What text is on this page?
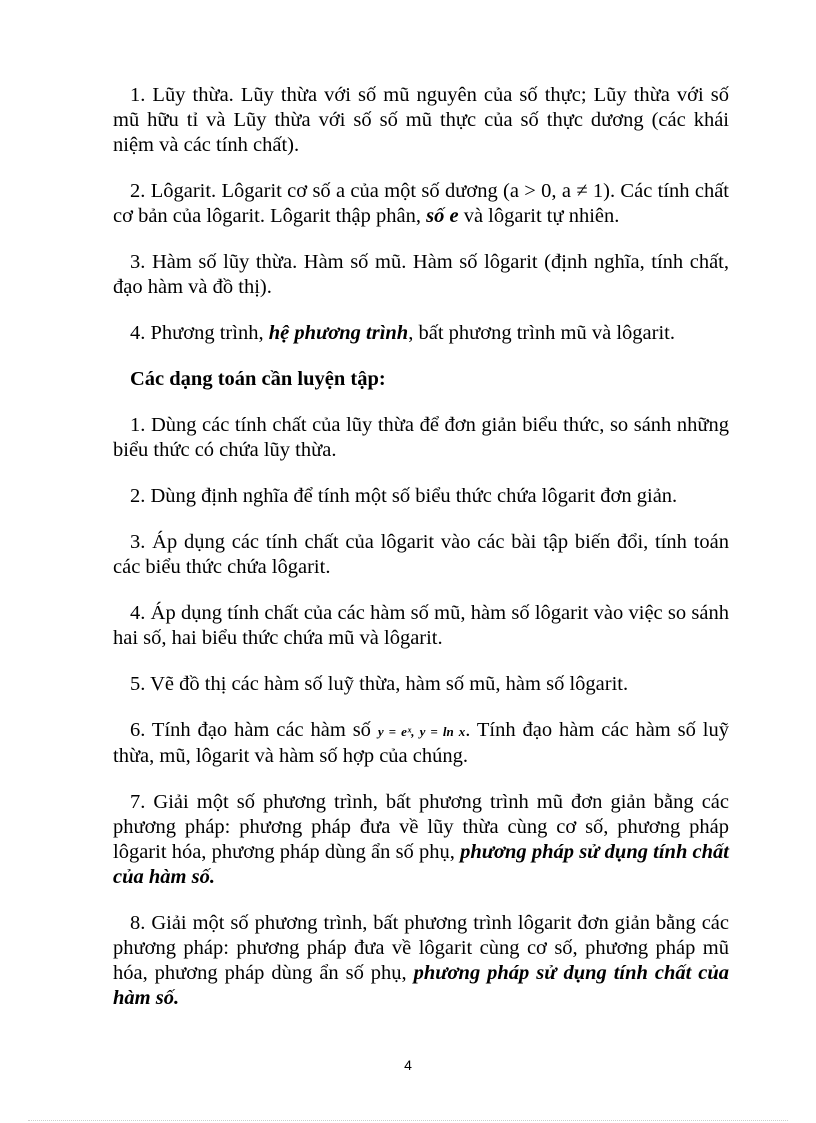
1. Lũy thừa. Lũy thừa với số mũ nguyên của số thực; Lũy thừa với số mũ hữu tỉ và Lũy thừa với số số mũ thực của số thực dương (các khái niệm và các tính chất).

2. Lôgarit. Lôgarit cơ số a của một số dương (a > 0, a ≠ 1). Các tính chất cơ bản của lôgarit. Lôgarit thập phân, số e và lôgarit tự nhiên.

3. Hàm số lũy thừa. Hàm số mũ. Hàm số lôgarit (định nghĩa, tính chất, đạo hàm và đồ thị).

4. Phương trình, hệ phương trình, bất phương trình mũ và lôgarit.

Các dạng toán cần luyện tập:

1. Dùng các tính chất của lũy thừa để đơn giản biểu thức, so sánh những biểu thức có chứa lũy thừa.

2. Dùng định nghĩa để tính một số biểu thức chứa lôgarit đơn giản.

3. Áp dụng các tính chất của lôgarit vào các bài tập biến đổi, tính toán các biểu thức chứa lôgarit.

4. Áp dụng tính chất của các hàm số mũ, hàm số lôgarit vào việc so sánh hai số, hai biểu thức chứa mũ và lôgarit.

5. Vẽ đồ thị các hàm số luỹ thừa, hàm số mũ, hàm số lôgarit.

6. Tính đạo hàm các hàm số y = eˣ, y = ln x. Tính đạo hàm các hàm số luỹ thừa, mũ, lôgarit và hàm số hợp của chúng.

7. Giải một số phương trình, bất phương trình mũ đơn giản bằng các phương pháp: phương pháp đưa về lũy thừa cùng cơ số, phương pháp lôgarit hóa, phương pháp dùng ẩn số phụ, phương pháp sử dụng tính chất của hàm số.

8. Giải một số phương trình, bất phương trình lôgarit đơn giản bằng các phương pháp: phương pháp đưa về lôgarit cùng cơ số, phương pháp mũ hóa, phương pháp dùng ẩn số phụ, phương pháp sử dụng tính chất của hàm số.

4
